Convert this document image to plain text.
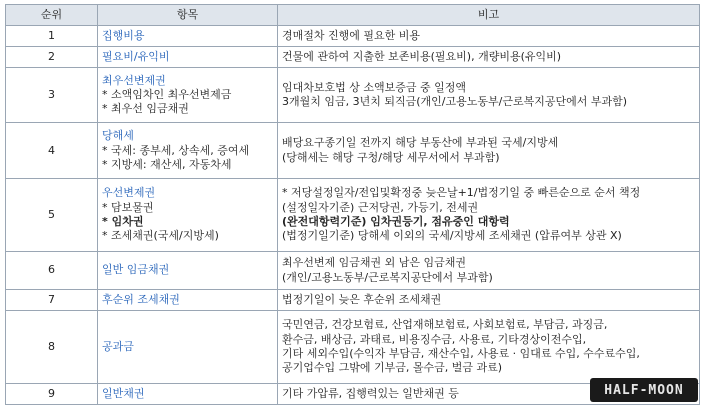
순위	항목	비고
1	집행비용	경매절차 진행에 필요한 비용

2	필요비/유익비	건물에 관하여 지출한 보존비용(필요비), 개량비용(유익비)

3	최우선변제권
* 소액임차인 최우선변제금
* 최우선 임금채권	임대차보호법 상 소액보증금 중 일정액
3개월치 임금, 3년치 퇴직금(개인/고용노동부/근로복지공단에서 부과함)

4	당해세
* 국세: 종부세, 상속세, 증여세
* 지방세: 재산세, 자동차세	배당요구종기일 전까지 해당 부동산에 부과된 국세/지방세
(당해세는 해당 구청/해당 세무서에서 부과함)

5	우선변제권
* 담보물권
* 임차권
* 조세채권(국세/지방세)	* 저당설정일자/전입및확정중 늦은날+1/법정기일 중 빠른순으로 순서 책정
(설정일자기준) 근저당권, 가등기, 전세권
(완전대항력기준) 임차권등기, 점유중인 대항력
(법정기일기준) 당해세 이외의 국세/지방세 조세채권 (압류여부 상관 X)

6	일반 임금채권	최우선변제 임금채권 외 남은 임금채권
(개인/고용노동부/근로복지공단에서 부과함)

7	후순위 조세채권	법정기일이 늦은 후순위 조세채권

8	공과금	국민연금, 건강보험료, 산업재해보험료, 사회보험료, 부담금, 과징금,
환수금, 배상금, 과태료, 비용징수금, 사용료, 기타경상이전수입,
기타 세외수입(수익자 부담금, 재산수입, 사용료 · 임대료 수입, 수수료수입,
공기업수입 그밖에 기부금, 몰수금, 벌금 과료)

9	일반채권	기타 가압류, 집행력있는 일반채권 등	HALF-MOON
